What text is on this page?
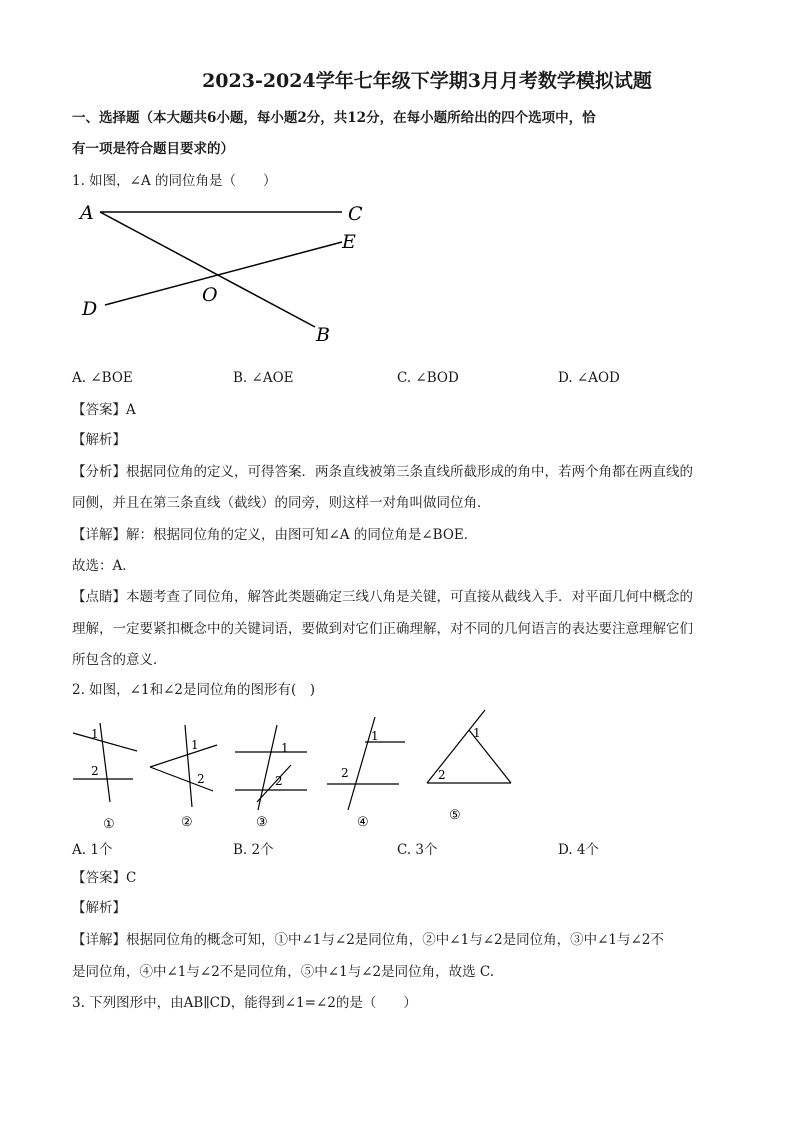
2023-2024学年七年级下学期3月月考数学模拟试题
一、选择题（本大题共6小题，每小题2分，共12分，在每小题所给出的四个选项中，恰
有一项是符合题目要求的）
1. 如图，∠A 的同位角是（　　）
A	C
E
O
D
B
A. ∠BOE	B. ∠AOE	C. ∠BOD	D. ∠AOD
【答案】A
【解析】
【分析】根据同位角的定义，可得答案．两条直线被第三条直线所截形成的角中，若两个角都在两直线的
同侧，并且在第三条直线（截线）的同旁，则这样一对角叫做同位角．
【详解】解：根据同位角的定义，由图可知∠A 的同位角是∠BOE．
故选：A．
【点睛】本题考查了同位角，解答此类题确定三线八角是关键，可直接从截线入手．对平面几何中概念的
理解，一定要紧扣概念中的关键词语，要做到对它们正确理解，对不同的几何语言的表达要注意理解它们
所包含的意义．
2. 如图，∠1和∠2是同位角的图形有(　)
1
2
①
1
2
②
1
2
③
1
2
④
1
2
⑤
A. 1个	B. 2个	C. 3个	D. 4个
【答案】C
【解析】
【详解】根据同位角的概念可知，①中∠1与∠2是同位角，②中∠1与∠2是同位角，③中∠1与∠2不
是同位角，④中∠1与∠2不是同位角，⑤中∠1与∠2是同位角，故选 C.
3. 下列图形中，由AB∥CD，能得到∠1=∠2的是（　　）
